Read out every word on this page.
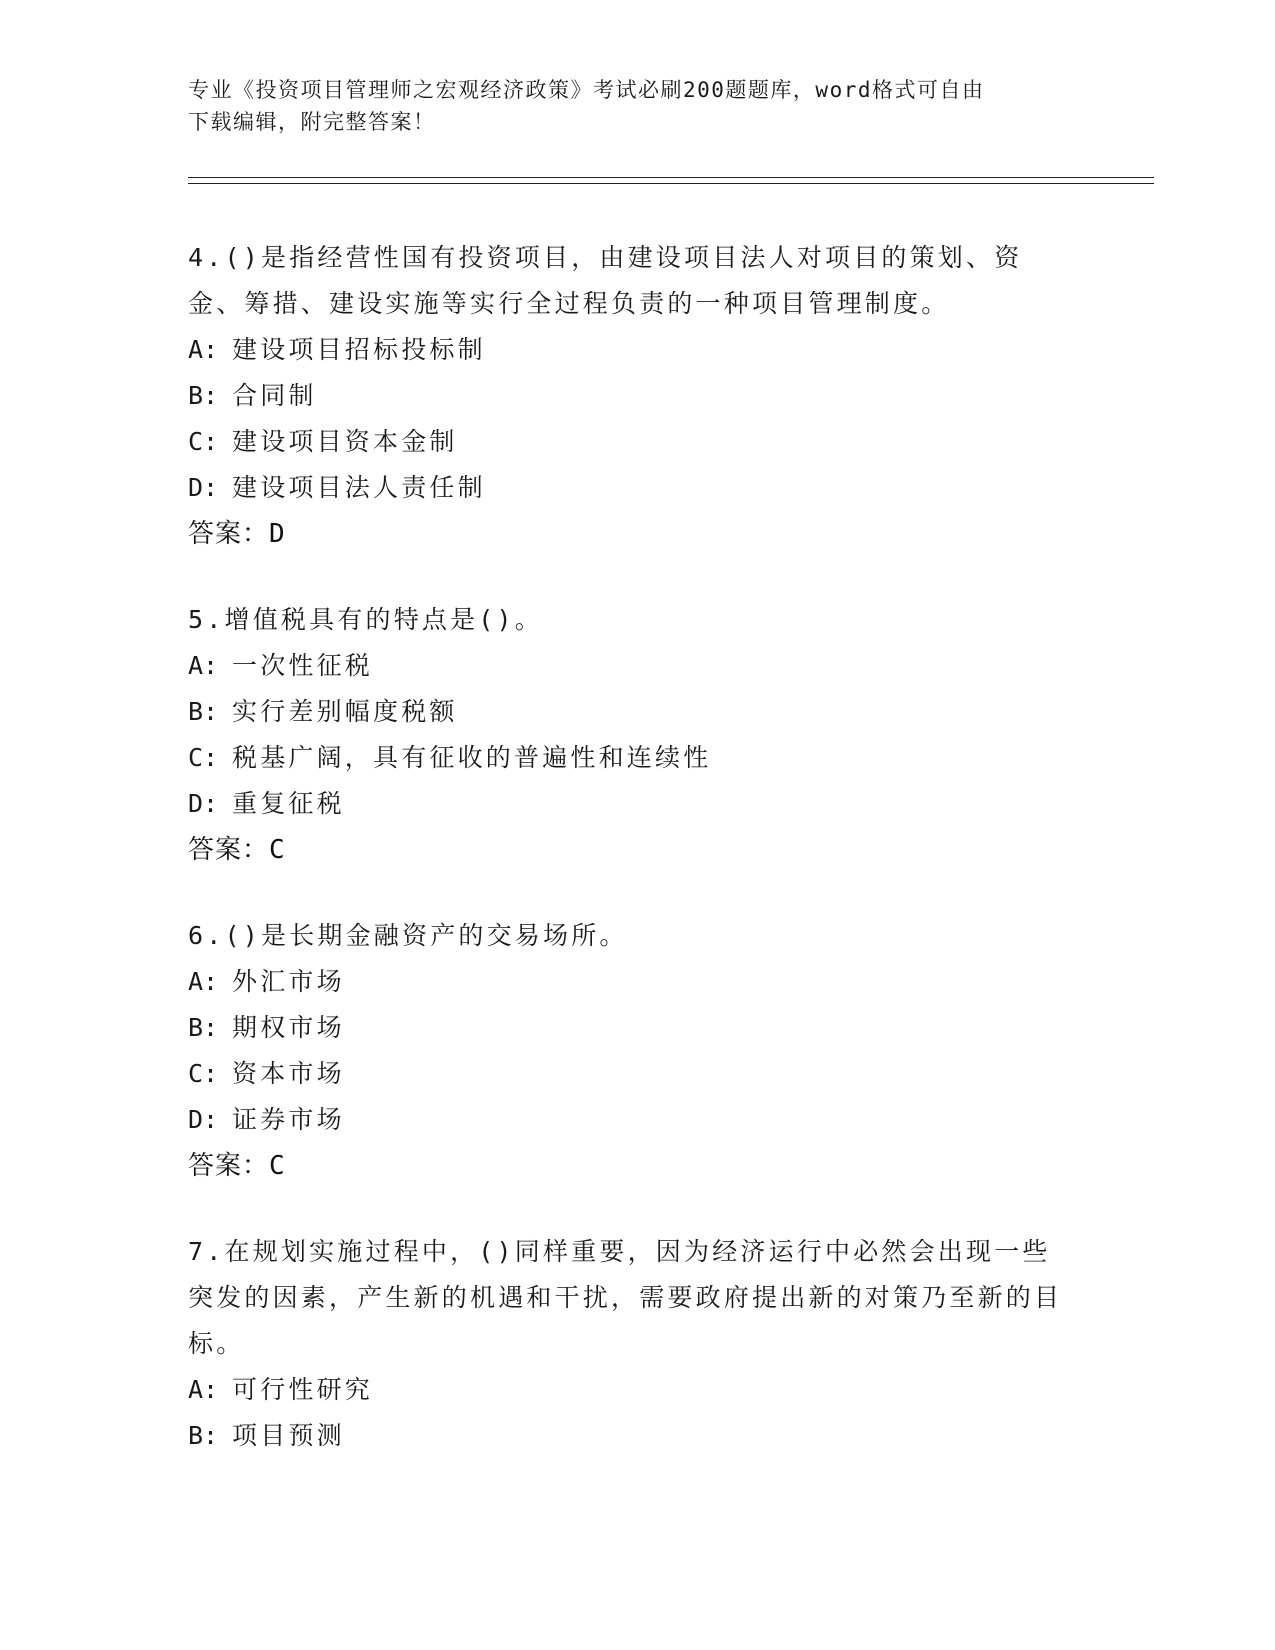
专业《投资项目管理师之宏观经济政策》考试必刷200题题库，word格式可自由
下载编辑，附完整答案！

4.()是指经营性国有投资项目，由建设项目法人对项目的策划、资金、筹措、建设实施等实行全过程负责的一种项目管理制度。

A: 建设项目招标投标制
B: 合同制
C: 建设项目资本金制
D: 建设项目法人责任制

答案：D

5.增值税具有的特点是()。

A: 一次性征税
B: 实行差别幅度税额
C: 税基广阔，具有征收的普遍性和连续性
D: 重复征税

答案：C

6.()是长期金融资产的交易场所。

A: 外汇市场
B: 期权市场
C: 资本市场
D: 证券市场

答案：C

7.在规划实施过程中，()同样重要，因为经济运行中必然会出现一些突发的因素，产生新的机遇和干扰，需要政府提出新的对策乃至新的目标。

A: 可行性研究
B: 项目预测
